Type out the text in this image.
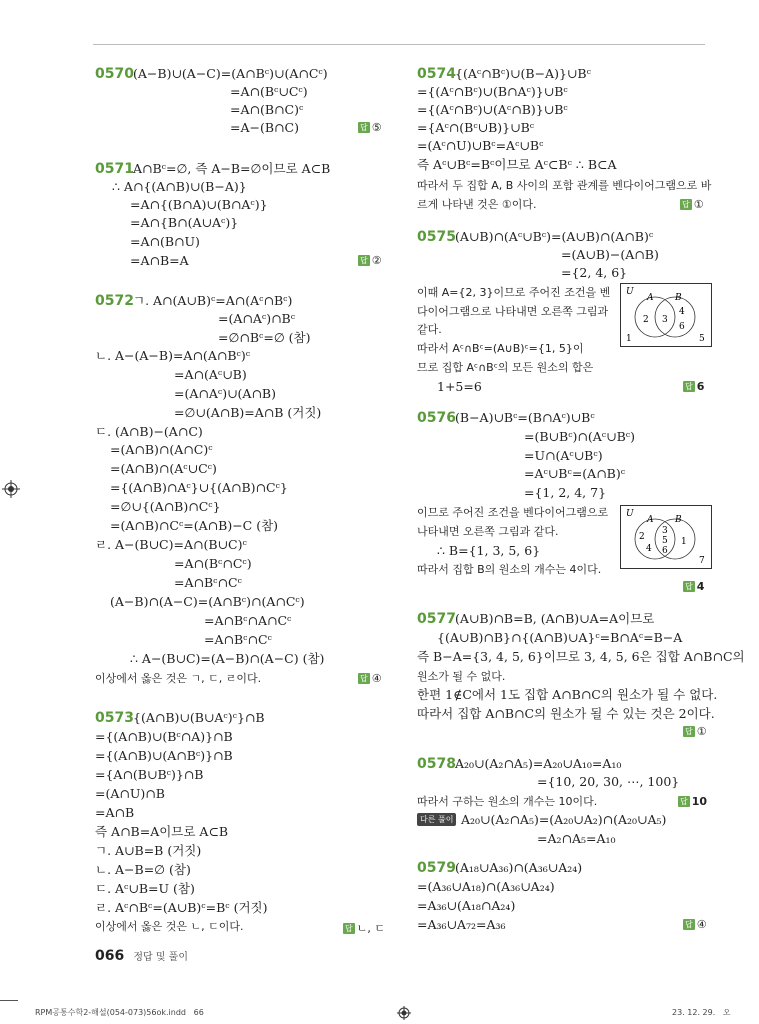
0570 (A−B)∪(A−C)=(A∩Bᶜ)∪(A∩Cᶜ)
=A∩(Bᶜ∪Cᶜ)
=A∩(B∩C)ᶜ
=A−(B∩C)	답 ⑤
0571 A∩Bᶜ=∅, 즉 A−B=∅이므로 A⊂B
∴ A∩{(A∩B)∪(B−A)}
=A∩{(B∩A)∪(B∩Aᶜ)}
=A∩{B∩(A∪Aᶜ)}
=A∩(B∩U)
=A∩B=A	답 ②
0572 ㄱ. A∩(A∪B)ᶜ=A∩(Aᶜ∩Bᶜ)
=(A∩Aᶜ)∩Bᶜ
=∅∩Bᶜ=∅ (참)
ㄴ. A−(A−B)=A∩(A∩Bᶜ)ᶜ
=A∩(Aᶜ∪B)
=(A∩Aᶜ)∪(A∩B)
=∅∪(A∩B)=A∩B (거짓)
ㄷ. (A∩B)−(A∩C)
=(A∩B)∩(A∩C)ᶜ
=(A∩B)∩(Aᶜ∪Cᶜ)
={(A∩B)∩Aᶜ}∪{(A∩B)∩Cᶜ}
=∅∪{(A∩B)∩Cᶜ}
=(A∩B)∩Cᶜ=(A∩B)−C (참)
ㄹ. A−(B∪C)=A∩(B∪C)ᶜ
=A∩(Bᶜ∩Cᶜ)
=A∩Bᶜ∩Cᶜ
(A−B)∩(A−C)=(A∩Bᶜ)∩(A∩Cᶜ)
=A∩Bᶜ∩A∩Cᶜ
=A∩Bᶜ∩Cᶜ
∴ A−(B∪C)=(A−B)∩(A−C) (참)
이상에서 옳은 것은 ㄱ, ㄷ, ㄹ이다.	답 ④
0573 {(A∩B)∪(B∪Aᶜ)ᶜ}∩B
={(A∩B)∪(Bᶜ∩A)}∩B
={(A∩B)∪(A∩Bᶜ)}∩B
={A∩(B∪Bᶜ)}∩B
=(A∩U)∩B
=A∩B
즉 A∩B=A이므로 A⊂B
ㄱ. A∪B=B (거짓)
ㄴ. A−B=∅ (참)
ㄷ. Aᶜ∪B=U (참)
ㄹ. Aᶜ∩Bᶜ=(A∪B)ᶜ=Bᶜ (거짓)
이상에서 옳은 것은 ㄴ, ㄷ이다.	답 ㄴ, ㄷ
0574 {(Aᶜ∩Bᶜ)∪(B−A)}∪Bᶜ
={(Aᶜ∩Bᶜ)∪(B∩Aᶜ)}∪Bᶜ
={(Aᶜ∩Bᶜ)∪(Aᶜ∩B)}∪Bᶜ
={Aᶜ∩(Bᶜ∪B)}∪Bᶜ
=(Aᶜ∩U)∪Bᶜ=Aᶜ∪Bᶜ
즉 Aᶜ∪Bᶜ=Bᶜ이므로 Aᶜ⊂Bᶜ ∴ B⊂A
따라서 두 집합 A, B 사이의 포함 관계를 벤다이어그램으로 바
르게 나타낸 것은 ①이다.	답 ①
0575 (A∪B)∩(Aᶜ∪Bᶜ)=(A∪B)∩(A∩B)ᶜ
=(A∪B)−(A∩B)
={2, 4, 6}
이때 A={2, 3}이므로 주어진 조건을 벤
다이어그램으로 나타내면 오른쪽 그림과
같다.
따라서 Aᶜ∩Bᶜ=(A∪B)ᶜ={1, 5}이
므로 집합 Aᶜ∩Bᶜ의 모든 원소의 합은
1+5=6	답 6
U
A B
2 3
4
6
1	5
0576 (B−A)∪Bᶜ=(B∩Aᶜ)∪Bᶜ
=(B∪Bᶜ)∩(Aᶜ∪Bᶜ)
=U∩(Aᶜ∪Bᶜ)
=Aᶜ∪Bᶜ=(A∩B)ᶜ
={1, 2, 4, 7}
이므로 주어진 조건을 벤다이어그램으로
나타내면 오른쪽 그림과 같다.
∴ B={1, 3, 5, 6}
따라서 집합 B의 원소의 개수는 4이다.
답 4
U
A B
2
4
3
5
6
1
7
0577 (A∪B)∩B=B, (A∩B)∪A=A이므로
{(A∪B)∩B}∩{(A∩B)∪A}ᶜ=B∩Aᶜ=B−A
즉 B−A={3, 4, 5, 6}이므로 3, 4, 5, 6은 집합 A∩B∩C의
원소가 될 수 없다.
한편 1∉C에서 1도 집합 A∩B∩C의 원소가 될 수 없다.
따라서 집합 A∩B∩C의 원소가 될 수 있는 것은 2이다.
답 ①
0578 A₂₀∪(A₂∩A₅)=A₂₀∪A₁₀=A₁₀
={10, 20, 30, ⋯, 100}
따라서 구하는 원소의 개수는 10이다.	답 10
다른 풀이 A₂₀∪(A₂∩A₅)=(A₂₀∪A₂)∩(A₂₀∪A₅)
=A₂∩A₅=A₁₀
0579 (A₁₈∪A₃₆)∩(A₃₆∪A₂₄)
=(A₃₆∪A₁₈)∩(A₃₆∪A₂₄)
=A₃₆∪(A₁₈∩A₂₄)
=A₃₆∪A₇₂=A₃₆	답 ④
066 정답 및 풀이
RPM공통수학2-해설(054-073)56ok.indd   66	23. 12. 29.   오
